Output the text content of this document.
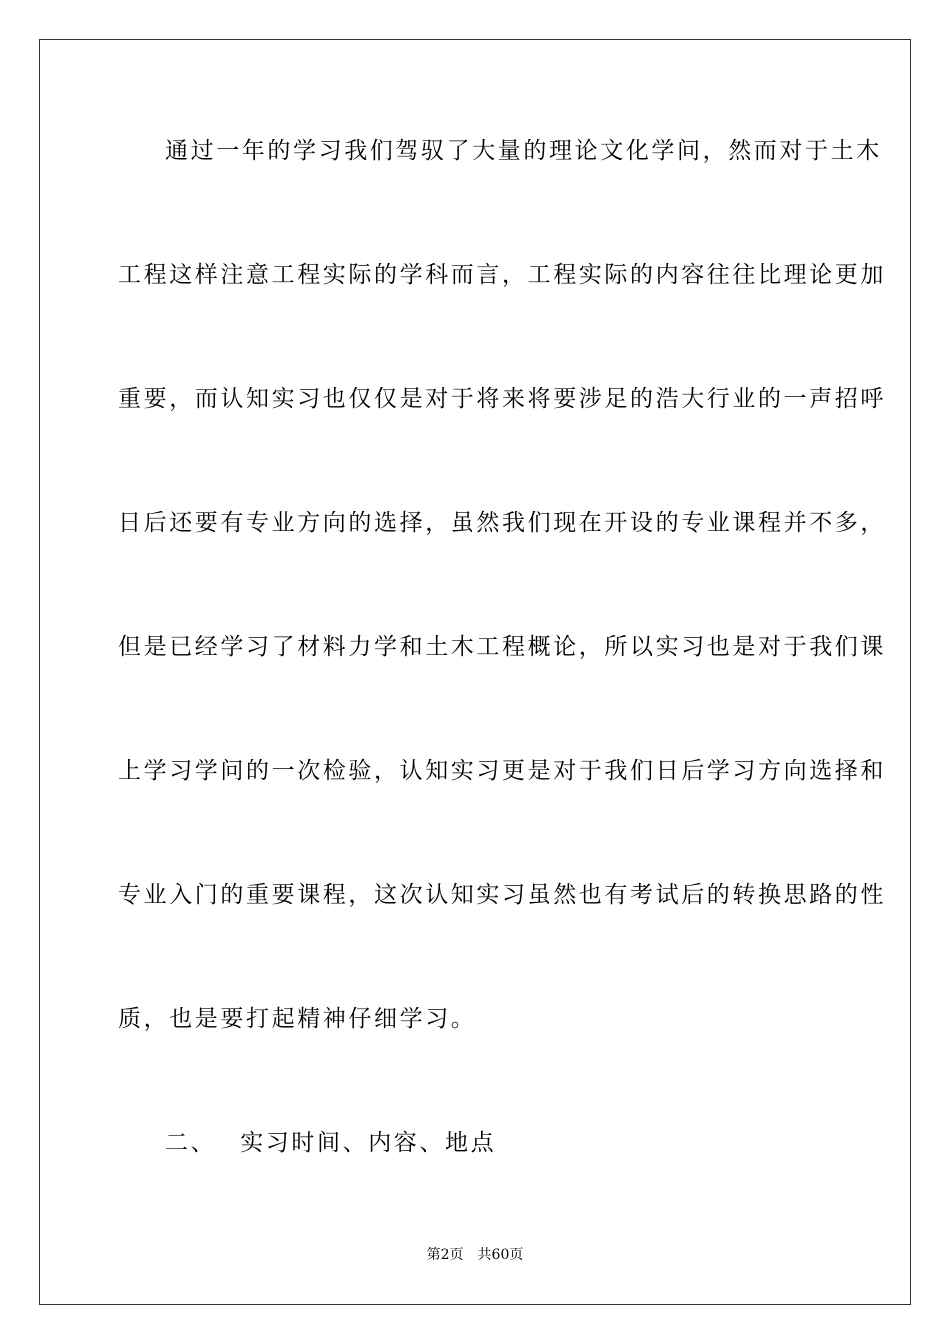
通过一年的学习我们驾驭了大量的理论文化学问，然而对于土木
工程这样注意工程实际的学科而言，工程实际的内容往往比理论更加
重要，而认知实习也仅仅是对于将来将要涉足的浩大行业的一声招呼
日后还要有专业方向的选择，虽然我们现在开设的专业课程并不多，
但是已经学习了材料力学和土木工程概论，所以实习也是对于我们课
上学习学问的一次检验，认知实习更是对于我们日后学习方向选择和
专业入门的重要课程，这次认知实习虽然也有考试后的转换思路的性
质，也是要打起精神仔细学习。
二、 实习时间、内容、地点
第2页 共60页
